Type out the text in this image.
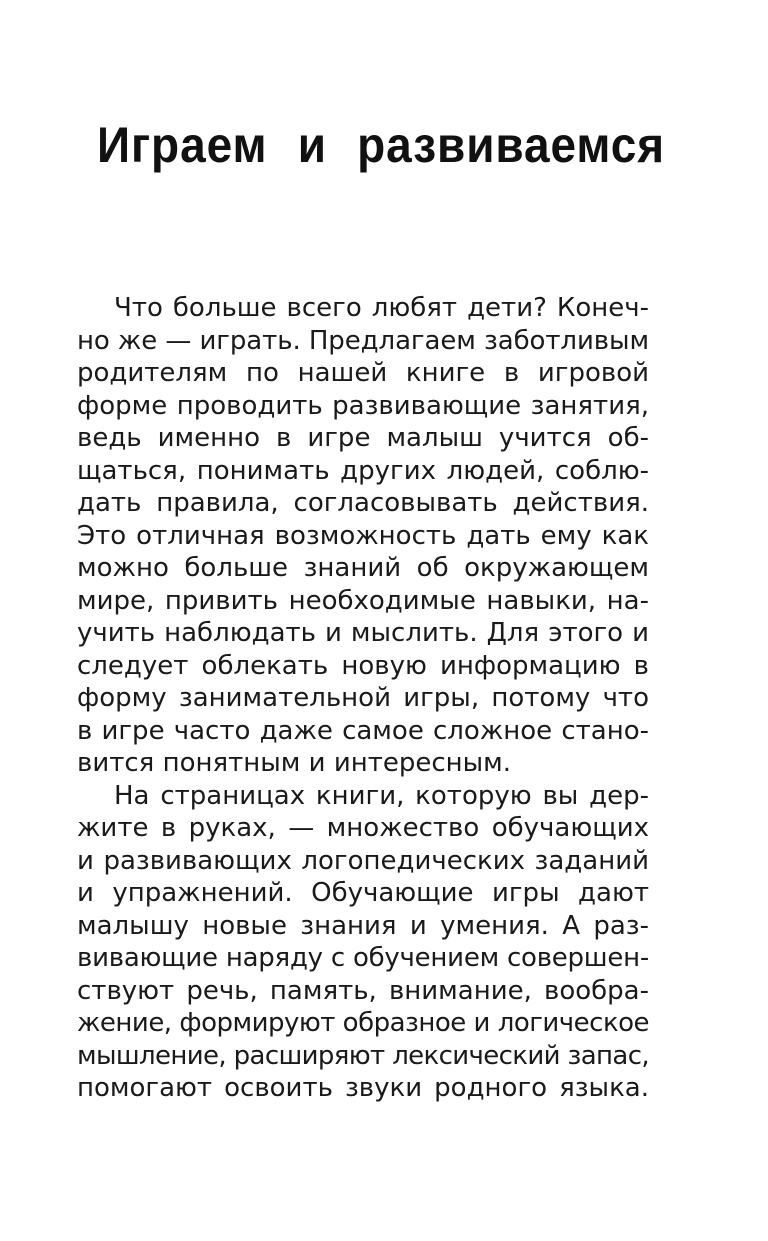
Играем и развиваемся
Что больше всего любят дети? Конеч-
но же — играть. Предлагаем заботливым
родителям по нашей книге в игровой
форме проводить развивающие занятия,
ведь именно в игре малыш учится об-
щаться, понимать других людей, соблю-
дать правила, согласовывать действия.
Это отличная возможность дать ему как
можно больше знаний об окружающем
мире, привить необходимые навыки, на-
учить наблюдать и мыслить. Для этого и
следует облекать новую информацию в
форму занимательной игры, потому что
в игре часто даже самое сложное стано-
вится понятным и интересным.
На страницах книги, которую вы дер-
жите в руках, — множество обучающих
и развивающих логопедических заданий
и упражнений. Обучающие игры дают
малышу новые знания и умения. А раз-
вивающие наряду с обучением совершен-
ствуют речь, память, внимание, вообра-
жение, формируют образное и логическое
мышление, расширяют лексический запас,
помогают освоить звуки родного языка.
